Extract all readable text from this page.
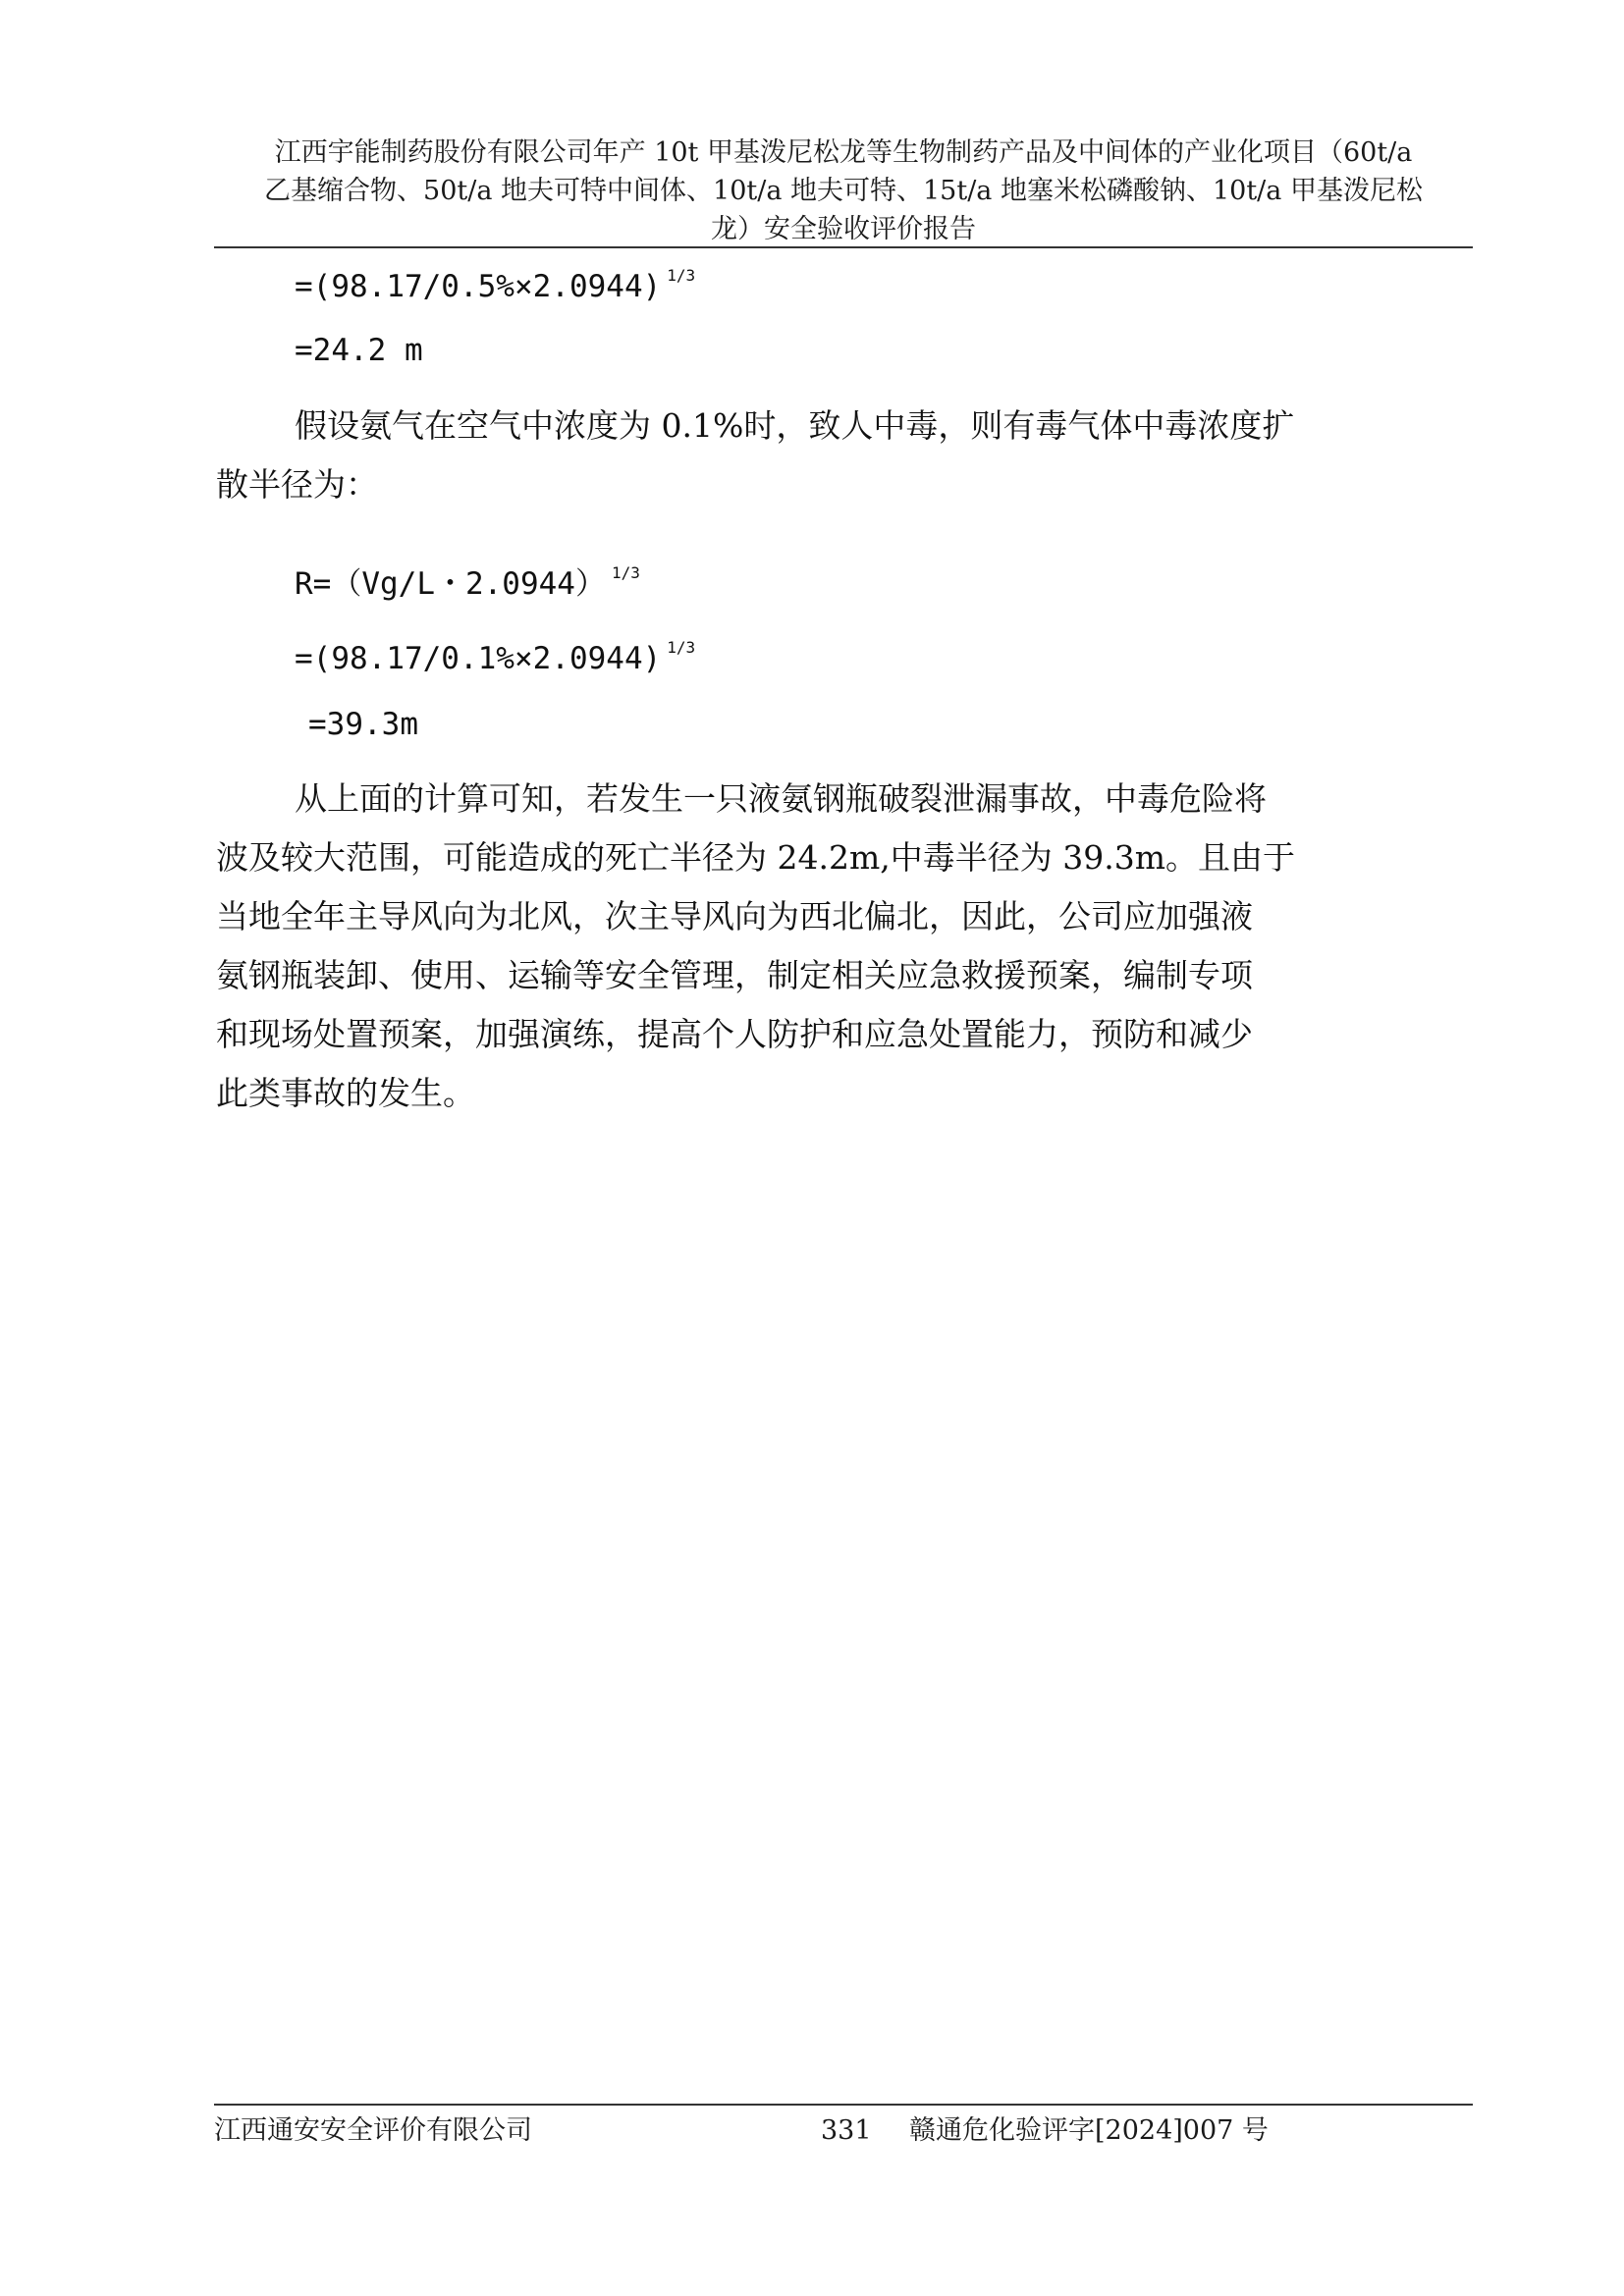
江西宇能制药股份有限公司年产 10t 甲基泼尼松龙等生物制药产品及中间体的产业化项目（60t/a
乙基缩合物、50t/a 地夫可特中间体、10t/a 地夫可特、15t/a 地塞米松磷酸钠、10t/a 甲基泼尼松
龙）安全验收评价报告
=(98.17/0.5%×2.0944) $^{1/3}$
=24.2 m
假设氨气在空气中浓度为 0.1%时，致人中毒，则有毒气体中毒浓度扩
散半径为：
R=（Vg/L・2.0944） $^{1/3}$
=(98.17/0.1%×2.0944) $^{1/3}$
=39.3m
从上面的计算可知，若发生一只液氨钢瓶破裂泄漏事故，中毒危险将
波及较大范围，可能造成的死亡半径为 24.2m,中毒半径为 39.3m。且由于
当地全年主导风向为北风，次主导风向为西北偏北，因此，公司应加强液
氨钢瓶装卸、使用、运输等安全管理，制定相关应急救援预案，编制专项
和现场处置预案，加强演练，提高个人防护和应急处置能力，预防和减少
此类事故的发生。
江西通安安全评价有限公司	331 赣通危化验评字[2024]007 号
